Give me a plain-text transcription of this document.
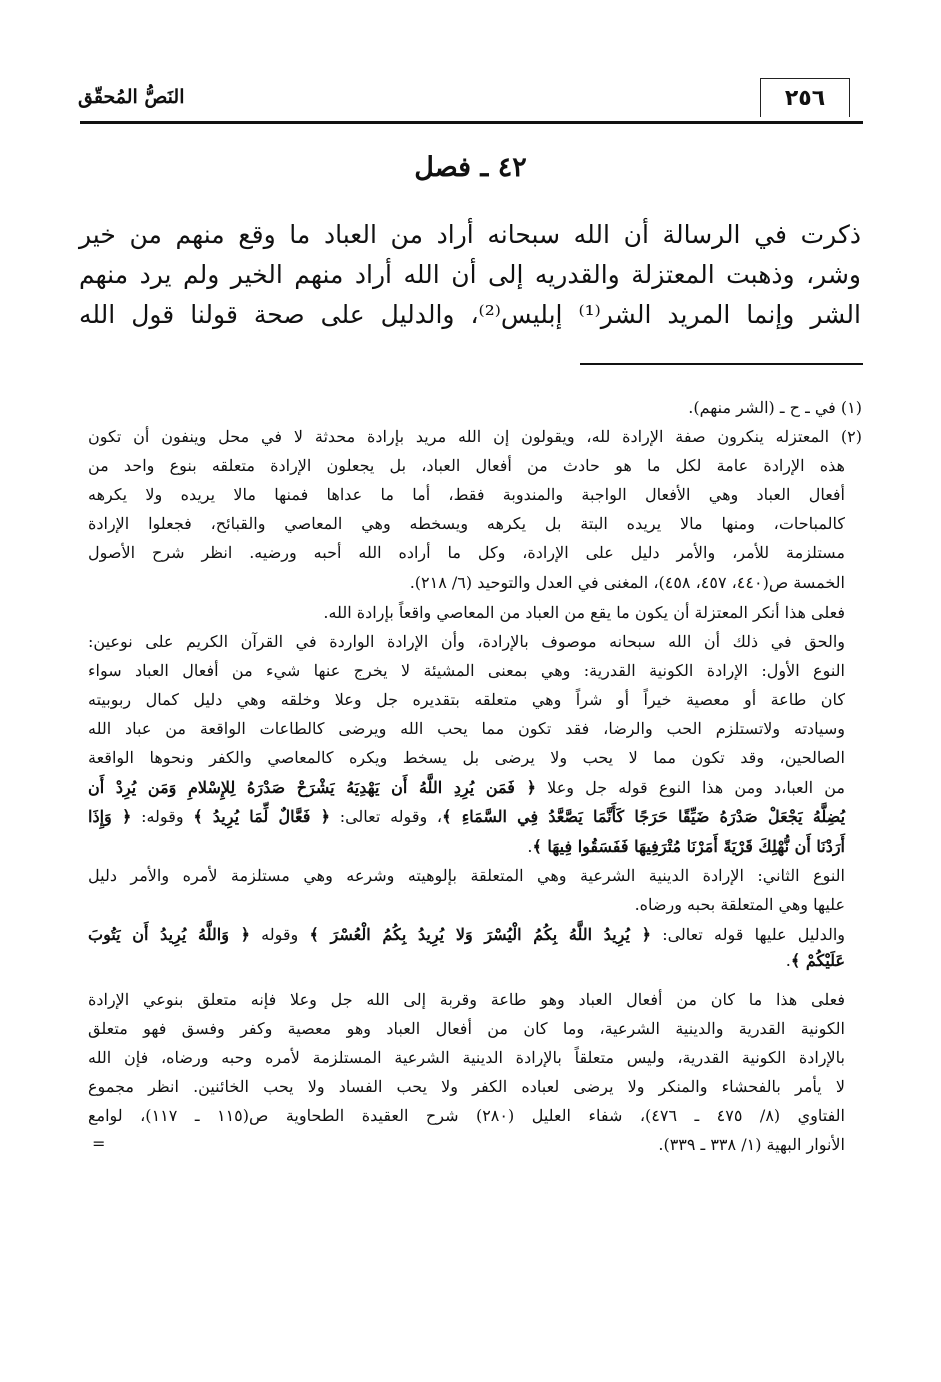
٢٥٦
النَصُّ المُحقّق
٤٢ ـ فصل
ذكرت في الرسالة أن الله سبحانه أراد من العباد ما وقع منهم من خير
وشر، وذهبت المعتزلة والقدريه إلى أن الله أراد منهم الخير ولم يرد منهم
الشر وإنما المريد الشر⁽¹⁾ إبليس⁽²⁾، والدليل على صحة قولنا قول الله
(١) في ـ ح ـ (الشر منهم).
(٢) المعتزله ينكرون صفة الإرادة لله، ويقولون إن الله مريد بإرادة محدثة لا في محل وينفون أن تكون
هذه الإرادة عامة لكل ما هو حادث من أفعال العباد، بل يجعلون الإرادة متعلقه بنوع واحد من
أفعال العباد وهي الأفعال الواجبة والمندوبة فقط، أما ما عداها فمنها مالا يريده ولا يكرهه
كالمباحات، ومنها مالا يريده البتة بل يكرهه ويسخطه وهي المعاصي والقبائح، فجعلوا الإرادة
مستلزمة للأمر، والأمر دليل على الإرادة، وكل ما أراده الله أحبه ورضيه. انظر شرح الأصول
الخمسة ص(٤٤٠، ٤٥٧، ٤٥٨)، المغنى في العدل والتوحيد (٦/ ٢١٨).
فعلى هذا أنكر المعتزلة أن يكون ما يقع من العباد من المعاصي واقعاً بإرادة الله.
والحق في ذلك أن الله سبحانه موصوف بالإرادة، وأن الإرادة الواردة في القرآن الكريم على نوعين:
النوع الأول: الإرادة الكونية القدرية: وهي بمعنى المشيئة لا يخرج عنها شيء من أفعال العباد سواء
كان طاعة أو معصية خيراً أو شراً وهي متعلقه بتقديره جل وعلا وخلقه وهي دليل كمال ربوبيته
وسيادته ولاتستلزم الحب والرضا، فقد تكون مما يحب الله ويرضى كالطاعات الواقعة من عباد الله
الصالحين، وقد تكون مما لا يحب ولا يرضى بل يسخط ويكره كالمعاصي والكفر ونحوها الواقعة
من العبا،د ومن هذا النوع قوله جل وعلا ﴿ فَمَن يُرِدِ اللَّهُ أَن يَهْدِيَهُ يَشْرَحْ صَدْرَهُ لِلإِسْلامِ وَمَن يُرِدْ أَن
يُضِلَّهُ يَجْعَلْ صَدْرَهُ ضَيِّقًا حَرَجًا كَأَنَّمَا يَصَّعَّدُ فِي السَّمَاءِ ﴾، وقوله تعالى: ﴿ فَعَّالٌ لِّمَا يُرِيدُ ﴾ وقوله: ﴿ وَإِذَا
أَرَدْنَا أَن نُّهْلِكَ قَرْيَةً أَمَرْنَا مُتْرَفِيهَا فَفَسَقُوا فِيهَا ﴾.
النوع الثاني: الإرادة الدينية الشرعية وهي المتعلقة بإلوهيته وشرعه وهي مستلزمة لأمره والأمر دليل
عليها وهي المتعلقة بحبه ورضاه.
والدليل عليها قوله تعالى: ﴿ يُرِيدُ اللَّهُ بِكُمُ الْيُسْرَ وَلا يُرِيدُ بِكُمُ الْعُسْرَ ﴾ وقوله ﴿ وَاللَّهُ يُرِيدُ أَن يَتُوبَ
عَلَيْكُمْ ﴾.
فعلى هذا ما كان من أفعال العباد وهو طاعة وقربة إلى الله جل وعلا فإنه متعلق بنوعي الإرادة
الكونية القدرية والدينية الشرعية، وما كان من أفعال العباد وهو معصية وكفر وفسق فهو متعلق
بالإرادة الكونية القدرية، وليس متعلقاً بالإرادة الدينية الشرعية المستلزمة لأمره وحبه ورضاه، فإن الله
لا يأمر بالفحشاء والمنكر ولا يرضى لعباده الكفر ولا يحب الفساد ولا يحب الخائنين. انظر مجموع
الفتاوي (٨/ ٤٧٥ ـ ٤٧٦)، شفاء العليل (٢٨٠) شرح العقيدة الطحاوية ص(١١٥ ـ ١١٧)، لوامع
الأنوار البهية (١/ ٣٣٨ ـ ٣٣٩).
=
